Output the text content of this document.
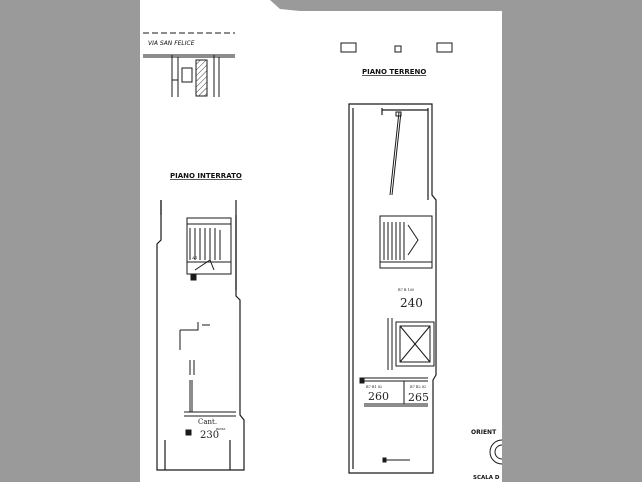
VIA SAN FELICE
PIANO INTERRATO
A1
Cant.
mezz.
230
PIANO TERRENO
B7 B 100
240
B7 B1 82
260
B7 B2 82
265
ORIENT
SCALA D
